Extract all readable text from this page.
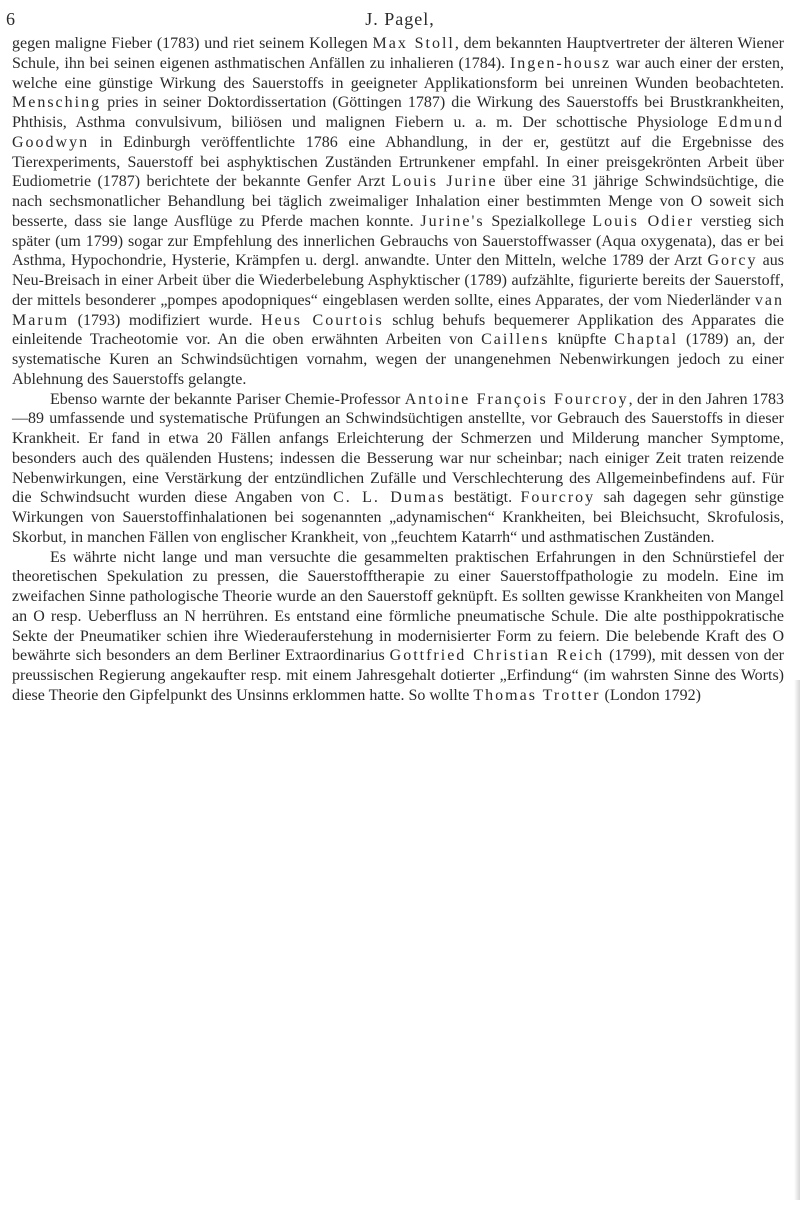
6	J. Pagel,

gegen maligne Fieber (1783) und riet seinem Kollegen Max Stoll, dem bekannten Hauptvertreter der älteren Wiener Schule, ihn bei seinen eigenen asthmatischen Anfällen zu inhalieren (1784). Ingen-housz war auch einer der ersten, welche eine günstige Wirkung des Sauerstoffs in geeigneter Applikationsform bei unreinen Wunden beobachteten. Mensching pries in seiner Doktordissertation (Göttingen 1787) die Wirkung des Sauerstoffs bei Brustkrankheiten, Phthisis, Asthma convulsivum, biliösen und malignen Fiebern u. a. m. Der schottische Physiologe Edmund Goodwyn in Edinburgh veröffentlichte 1786 eine Abhandlung, in der er, gestützt auf die Ergebnisse des Tierexperiments, Sauerstoff bei asphyktischen Zuständen Ertrunkener empfahl. In einer preisgekrönten Arbeit über Eudiometrie (1787) berichtete der bekannte Genfer Arzt Louis Jurine über eine 31 jährige Schwindsüchtige, die nach sechsmonatlicher Behandlung bei täglich zweimaliger Inhalation einer bestimmten Menge von O soweit sich besserte, dass sie lange Ausflüge zu Pferde machen konnte. Jurine's Spezialkollege Louis Odier verstieg sich später (um 1799) sogar zur Empfehlung des innerlichen Gebrauchs von Sauerstoffwasser (Aqua oxygenata), das er bei Asthma, Hypochondrie, Hysterie, Krämpfen u. dergl. anwandte. Unter den Mitteln, welche 1789 der Arzt Gorcy aus Neu-Breisach in einer Arbeit über die Wiederbelebung Asphyktischer (1789) aufzählte, figurierte bereits der Sauerstoff, der mittels besonderer „pompes apodopniques“ eingeblasen werden sollte, eines Apparates, der vom Niederländer van Marum (1793) modifiziert wurde. Heus Courtois schlug behufs bequemerer Applikation des Apparates die einleitende Tracheotomie vor. An die oben erwähnten Arbeiten von Caillens knüpfte Chaptal (1789) an, der systematische Kuren an Schwindsüchtigen vornahm, wegen der unangenehmen Nebenwirkungen jedoch zu einer Ablehnung des Sauerstoffs gelangte.

Ebenso warnte der bekannte Pariser Chemie-Professor Antoine François Fourcroy, der in den Jahren 1783—89 umfassende und systematische Prüfungen an Schwindsüchtigen anstellte, vor Gebrauch des Sauerstoffs in dieser Krankheit. Er fand in etwa 20 Fällen anfangs Erleichterung der Schmerzen und Milderung mancher Symptome, besonders auch des quälenden Hustens; indessen die Besserung war nur scheinbar; nach einiger Zeit traten reizende Nebenwirkungen, eine Verstärkung der entzündlichen Zufälle und Verschlechterung des Allgemeinbefindens auf. Für die Schwindsucht wurden diese Angaben von C. L. Dumas bestätigt. Fourcroy sah dagegen sehr günstige Wirkungen von Sauerstoffinhalationen bei sogenannten „adynamischen“ Krankheiten, bei Bleichsucht, Skrofulosis, Skorbut, in manchen Fällen von englischer Krankheit, von „feuchtem Katarrh“ und asthmatischen Zuständen.

Es währte nicht lange und man versuchte die gesammelten praktischen Erfahrungen in den Schnürstiefel der theoretischen Spekulation zu pressen, die Sauerstofftherapie zu einer Sauerstoffpathologie zu modeln. Eine im zweifachen Sinne pathologische Theorie wurde an den Sauerstoff geknüpft. Es sollten gewisse Krankheiten von Mangel an O resp. Ueberfluss an N herrühren. Es entstand eine förmliche pneumatische Schule. Die alte posthippokratische Sekte der Pneumatiker schien ihre Wiederauferstehung in modernisierter Form zu feiern. Die belebende Kraft des O bewährte sich besonders an dem Berliner Extraordinarius Gottfried Christian Reich (1799), mit dessen von der preussischen Regierung angekaufter resp. mit einem Jahresgehalt dotierter „Erfindung“ (im wahrsten Sinne des Worts) diese Theorie den Gipfelpunkt des Unsinns erklommen hatte. So wollte Thomas Trotter (London 1792)
